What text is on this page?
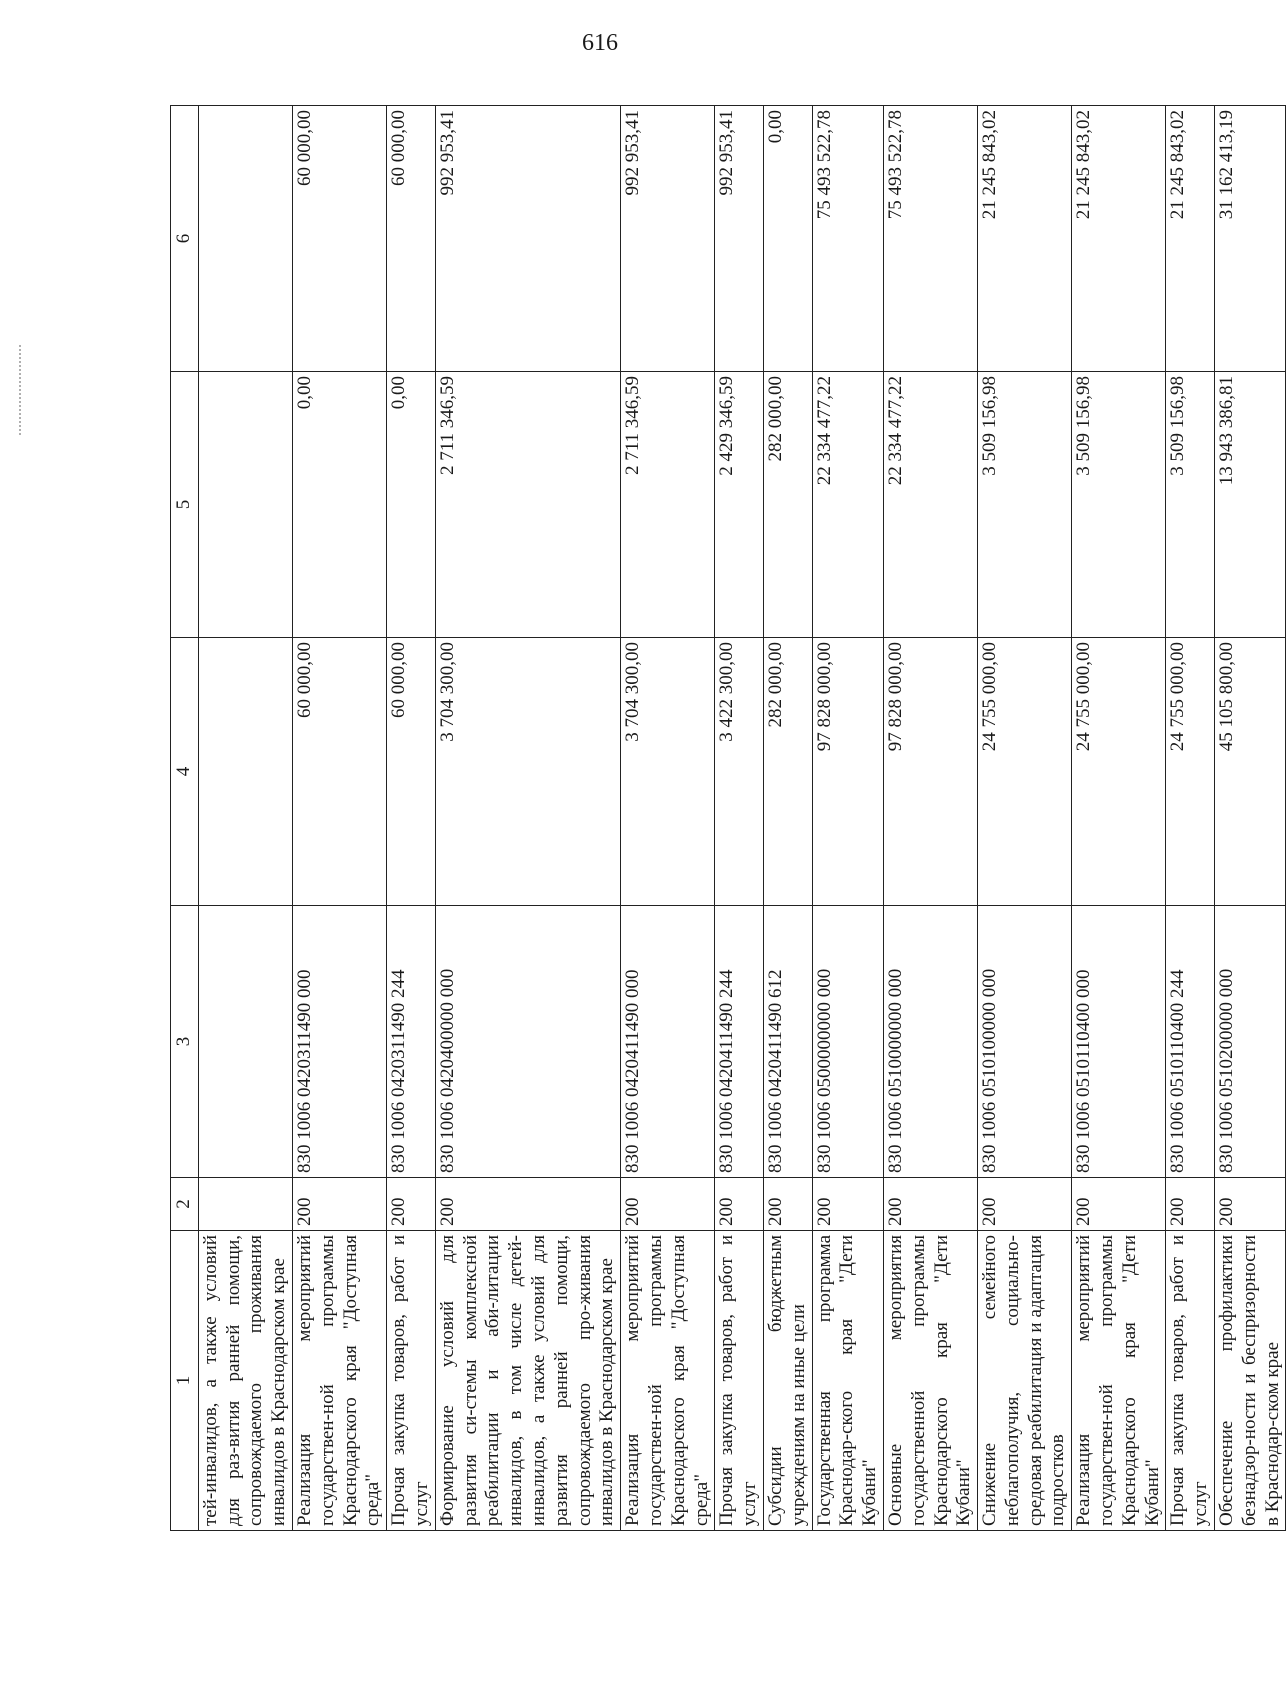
616
1	2	3	4	5	6
тей-инвалидов, а также условий для раз-вития ранней помощи, сопровождаемого проживания инвалидов в Краснодарском крае					
Реализация мероприятий государствен-ной программы Краснодарского края "Доступная среда"	200	830 1006 0420311490 000	60 000,00	0,00	60 000,00
Прочая закупка товаров, работ и услуг	200	830 1006 0420311490 244	60 000,00	0,00	60 000,00
Формирование условий для развития си-стемы комплексной реабилитации и аби-литации инвалидов, в том числе детей-инвалидов, а также условий для развития ранней помощи, сопровождаемого про-живания инвалидов в Краснодарском крае	200	830 1006 0420400000 000	3 704 300,00	2 711 346,59	992 953,41
Реализация мероприятий государствен-ной программы Краснодарского края "Доступная среда"	200	830 1006 0420411490 000	3 704 300,00	2 711 346,59	992 953,41
Прочая закупка товаров, работ и услуг	200	830 1006 0420411490 244	3 422 300,00	2 429 346,59	992 953,41
Субсидии бюджетным учреждениям на иные цели	200	830 1006 0420411490 612	282 000,00	282 000,00	0,00
Государственная программа Краснодар-ского края "Дети Кубани"	200	830 1006 0500000000 000	97 828 000,00	22 334 477,22	75 493 522,78
Основные мероприятия государственной программы Краснодарского края "Дети Кубани"	200	830 1006 0510000000 000	97 828 000,00	22 334 477,22	75 493 522,78
Снижение семейного неблагополучия, социально-средовая реабилитация и адаптация подростков	200	830 1006 0510100000 000	24 755 000,00	3 509 156,98	21 245 843,02
Реализация мероприятий государствен-ной программы Краснодарского края "Дети Кубани"	200	830 1006 0510110400 000	24 755 000,00	3 509 156,98	21 245 843,02
Прочая закупка товаров, работ и услуг	200	830 1006 0510110400 244	24 755 000,00	3 509 156,98	21 245 843,02
Обеспечение профилактики безнадзор-ности и беспризорности в Краснодар-ском крае	200	830 1006 0510200000 000	45 105 800,00	13 943 386,81	31 162 413,19
